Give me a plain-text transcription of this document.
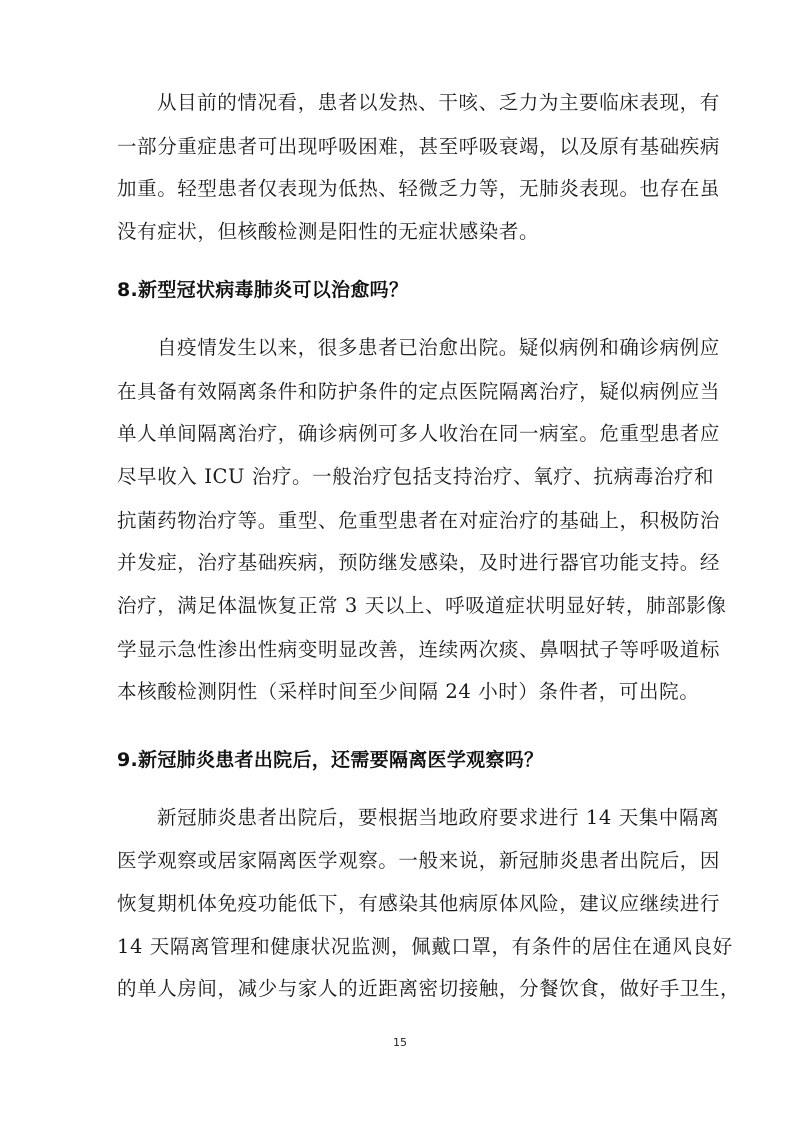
从目前的情况看，患者以发热、干咳、乏力为主要临床表现，有
一部分重症患者可出现呼吸困难，甚至呼吸衰竭，以及原有基础疾病
加重。轻型患者仅表现为低热、轻微乏力等，无肺炎表现。也存在虽
没有症状，但核酸检测是阳性的无症状感染者。
8.新型冠状病毒肺炎可以治愈吗？
自疫情发生以来，很多患者已治愈出院。疑似病例和确诊病例应
在具备有效隔离条件和防护条件的定点医院隔离治疗，疑似病例应当
单人单间隔离治疗，确诊病例可多人收治在同一病室。危重型患者应
尽早收入 ICU 治疗。一般治疗包括支持治疗、氧疗、抗病毒治疗和
抗菌药物治疗等。重型、危重型患者在对症治疗的基础上，积极防治
并发症，治疗基础疾病，预防继发感染，及时进行器官功能支持。经
治疗，满足体温恢复正常 3 天以上、呼吸道症状明显好转，肺部影像
学显示急性渗出性病变明显改善，连续两次痰、鼻咽拭子等呼吸道标
本核酸检测阴性（采样时间至少间隔 24 小时）条件者，可出院。
9.新冠肺炎患者出院后，还需要隔离医学观察吗？
新冠肺炎患者出院后，要根据当地政府要求进行 14 天集中隔离
医学观察或居家隔离医学观察。一般来说，新冠肺炎患者出院后，因
恢复期机体免疫功能低下，有感染其他病原体风险，建议应继续进行
14 天隔离管理和健康状况监测，佩戴口罩，有条件的居住在通风良好
的单人房间，减少与家人的近距离密切接触，分餐饮食，做好手卫生，
15
